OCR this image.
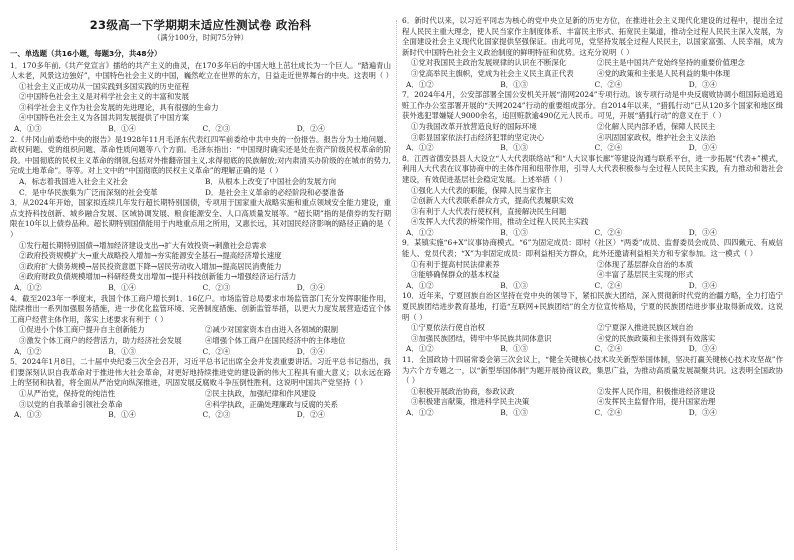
23级高一下学期期末适应性测试卷 政治科
（满分100分，时间75分钟）
一、单选题（共16小题，每题3分，共48分）
1．170多年前,《共产党宣言》擂给的共产主义的曲灵，在170多年后的中国大地上茁壮成长为一个巨人。“踏遍青山人未老，风景这边独好”，中国特色社会主义的中国，巍然屹立在世界的东方，日益走近世界舞台的中央。这表明（ ）
①社会主义正成功从一国实践到多国实践的历史征程
②中国特色社会主义是对科学社会主义的丰富和发展
③科学社会主义作为社会发展的先进理论，具有很强的生命力
④中国特色社会主义为各国共同发展提供了中国方案
A．①③	B．①④	C．②③	D．②④
2.《井冈山前委给中央的报告》是1928年11月毛泽东代表红四军前委给中共中央的一份报告。报告分为土地问题、政权问题、党的组织问题、革命性质问题等八个方面。毛泽东指出：“中国现时确实还是处在资产阶级民权革命的阶段。中国彻底的民权主义革命的纲领,包括对外推翻帝国主义,求得彻底的民族解放;对内肃清买办阶级的在城市的势力,完成土地革命”。等等。对上文中的“中国彻底的民权主义革命”的理解正确的是（ ）
A．标志着我国进入社会主义社会	B．从根本上改变了中国社会的发展方向
C．是中华民族集为广泛而深刻的社会变革	D．是社会主义革命的必经阶段和必要准备
3．从2024年开始，国家拟连续几年发行超长期特别国债，专项用于国家重大战略实施和重点领域安全能力建设，重点支持科技创新、城乡融合发展、区域协调发展、粮食能源安全、人口高质量发展等。“超长期”指的是债券的发行期限在10年以上债券品种。超长期特别国债能用于内地重点用之所用，又惠长远，其对国民经济影响的路径正确的是（ ）
①发行超长期特别国债→增加经济建设支出→扩大有效投资→刺激社会总需求
②政府投资规模扩大→重大战略投入增加→夯实能源安全基石→提高经济增长速度
③政府扩大债务规模→居民投资意愿下降→居民劳动收入增加→提高居民消费能力
④政府财政负债规模增加→科研经费支出增加→提升科技创新能力→增强经济运行活力
A．①②	B．①④	C．②③	D．③④
4．截至2023年一季度末，我国个体工商户增长到1．16亿户。市场监管总局要求市场监管部门充分发挥职能作用，陆续推出一系列加强服务措施，进一步优化监管环境、完善制度措施、创新监管举措，以更大力度发展营造适宜个体工商户经营主体作用，落实上述要求有利于（ ）
①促进小个体工商户提升自主创新能力	②减少对国家资本自由进入各领域的限制
③激发个体工商户的经营活力，助力经济社会发展	④增强个体工商户在国民经济中的主体地位
A．①②	B．①③	C．②④	D．③④
5．2024年1月8日，二十届中央纪委三次全会召开，习近平总书记出席全会并发表重要讲话。习近平总书记指出，我们要深刻认识自我革命对于推进伟大社会革命，对更好地持续推进党的建设新的伟大工程具有重大意义；以永远在路上的坚韧和执着，将全面从严治党向纵深推进，巩固发展反腐败斗争压倒性胜利。这说明中国共产党坚持（ ）
①从严治党，保持党的纯洁性	②民主执政，加强纪律和作风建设
③以党的自我革命引领社会革命	④科学执政，正确处理廉政与反腐的关系
A．①③	B．①④	C．②③	D．②④
6．新时代以来，以习近平同志为核心的党中央立足新的历史方位，在推进社会主义现代化建设的过程中，提出全过程人民民主重大理念，使人民当家作主制度体系、丰富民主形式、拓宽民主渠道，推动全过程人民民主深入发展，为全面建设社会主义现代化国家提供坚强保证。由此可见，党坚持发展全过程人民民主，以国家富强、人民幸福，成为新时代中国特色社会主义政治制度的鲜明特征和优势。这充分说明（ ）
①党对我国民主政治发展规律的认识在不断深化	②民主是中国共产党始终坚持的重要价值理念
③党高举民主旗帜，党成为社会主义民主真正代表	④党的政策和主张是人民利益的集中体现
A．①②	B．①③	C．②④	D．③④
7．2024年4月，公安部部署全国公安机关开展“清网2024”专项行动。该专项行动是中央反腐败协调小组国际追逃追赃工作办公室部署开展的“天网2024”行动的重要组成部分。自2014年以来，“猎狐行动”已从120多个国家和地区缉获外逃犯罪嫌疑人9000余名，追回赃款逾490亿元人民币。可见，开展“猎狐行动”的意义在于（ ）
①为我国改革开放营造良好的国际环境	②化解人民内部矛盾，保障人民民主
③彰显国家依法打击经济犯罪的坚定决心	④巩固国家政权，维护社会主义法治
A．①②	B．①③	C．②④	D．③④
8．江西省德安县县人大设立“人大代表联络站”和“人大议事长廊”等建设沟通与联系平台，进一步拓展“代表+”模式，利用人大代表在议事协商中的主体作用和纽带作用，引导人大代表积极参与全过程人民民主实践，有力推动和谐社会建设，有效促进基层社会稳定发展。上述举措（ ）
①强化人大代表的职能，保障人民当家作主
②创新人大代表联系群众方式，提高代表履职实效
③有利于人大代表行使权利，直接解决民生问题
④发挥人大代表的桥梁作用，推动全过程人民民主实践
A．①②	B．①③	C．②④	D．③④
9．某镇实施“6+X”议事协商模式。“6”为固定成员：即村（社区）“两委”成员、监督委员会成员、四四戴元、有威信能人、党员代表；“X”为非固定成员：即利益相关方群众，此外还邀请利益相关方和专家参加。这一模式（ ）
①有利于提高村民法律素养	②体现了基层群众自治的本质
③能够确保群众的基本权益	④丰富了基层民主实现的形式
A．①②	B．①③	C．②④	D．③④
10．近年来，宁夏回族自治区坚持在党中央的领导下，紧扣民族大团结，深入贯彻新时代党的治疆方略，全力打造宁夏民族团结进步教育基地，打造“互联网+民族团结”的全方位宣传格局，宁夏的民族团结进步事业取得新成效。这说明（ ）
①宁夏依法行使自治权	②宁夏深入推进民族区域自治
③加强民族团结，铸牢中华民族共同体意识	④党的民族政策和主张得到有效落实
A．①②	B．①③	C．②④	D．③④
11．全国政协十四届常委会第三次会议上，“健全关键核心技术攻关新型举国体制，坚决打赢关键核心技术攻坚战”作为六个方专题之一，以“新型举国体制”为题开展协商议政，集思广益，为推动高质量发展凝聚共识。这表明全国政协（ ）
①积极开展政治协商，参政议政	②发挥人民作用，积极推进经济建设
③积极建言献策，推进科学民主决策	④发挥民主监督作用，提升国家治理
A．①②	B．①③	C．②④	D．③④
